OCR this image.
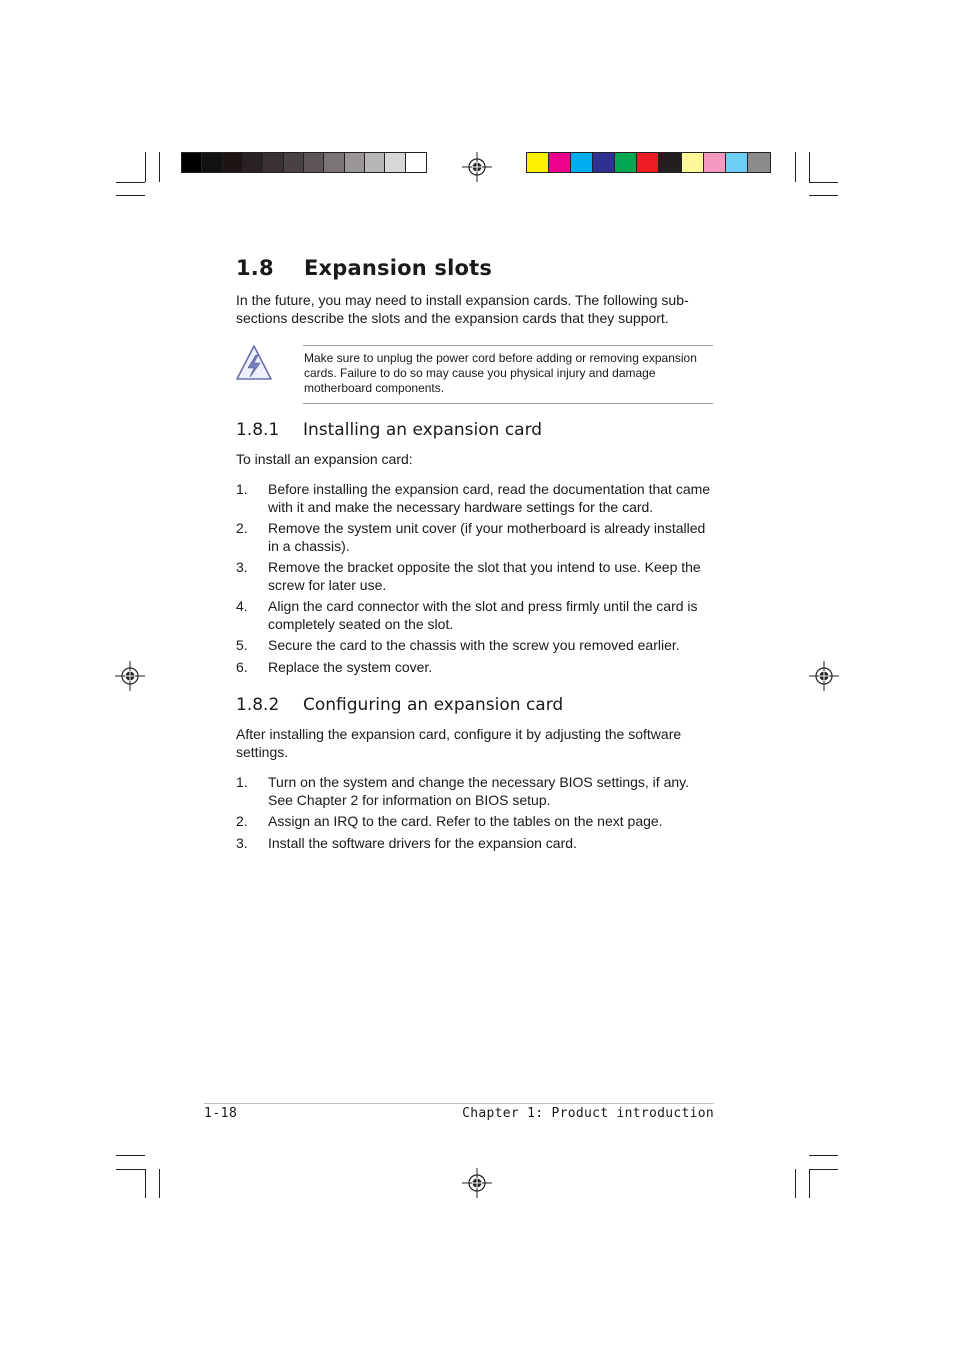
1.8 Expansion slots

In the future, you may need to install expansion cards. The following sub-sections describe the slots and the expansion cards that they support.

Make sure to unplug the power cord before adding or removing expansion cards. Failure to do so may cause you physical injury and damage motherboard components.
1.8.1 Installing an expansion card

To install an expansion card:

1. Before installing the expansion card, read the documentation that came with it and make the necessary hardware settings for the card.
2. Remove the system unit cover (if your motherboard is already installed in a chassis).
3. Remove the bracket opposite the slot that you intend to use. Keep the screw for later use.
4. Align the card connector with the slot and press firmly until the card is completely seated on the slot.
5. Secure the card to the chassis with the screw you removed earlier.
6. Replace the system cover.
1.8.2 Configuring an expansion card

After installing the expansion card, configure it by adjusting the software settings.

1. Turn on the system and change the necessary BIOS settings, if any. See Chapter 2 for information on BIOS setup.
2. Assign an IRQ to the card. Refer to the tables on the next page.
3. Install the software drivers for the expansion card.
1-18	Chapter 1: Product introduction
